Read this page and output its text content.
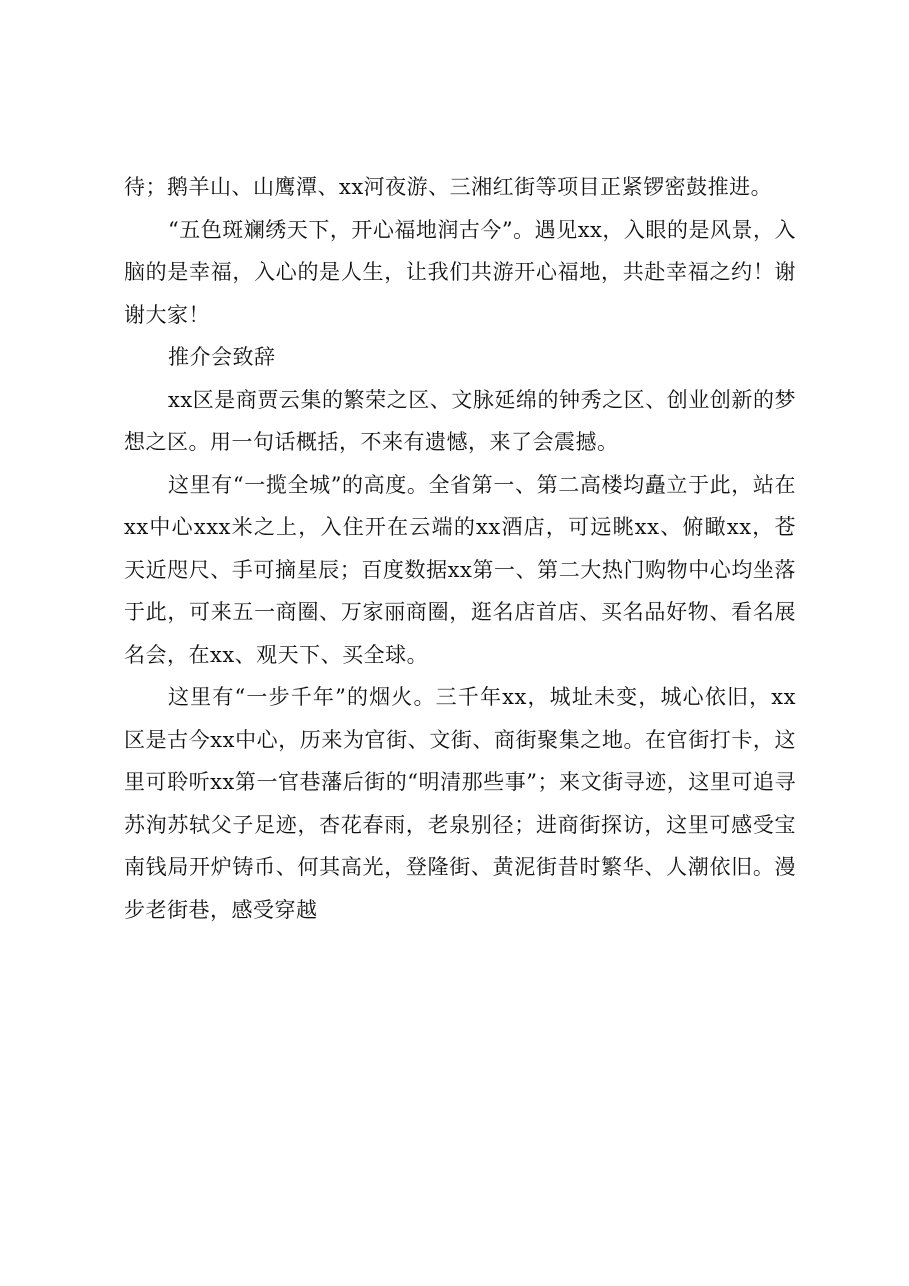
待；鹅羊山、山鹰潭、xx河夜游、三湘红街等项目正紧锣密鼓推进。

“五色斑斓绣天下，开心福地润古今”。遇见xx，入眼的是风景，入脑的是幸福，入心的是人生，让我们共游开心福地，共赴幸福之约！谢谢大家！

推介会致辞

xx区是商贾云集的繁荣之区、文脉延绵的钟秀之区、创业创新的梦想之区。用一句话概括，不来有遗憾，来了会震撼。

这里有“一揽全城”的高度。全省第一、第二高楼均矗立于此，站在xx中心xxx米之上，入住开在云端的xx酒店，可远眺xx、俯瞰xx，苍天近咫尺、手可摘星辰；百度数据xx第一、第二大热门购物中心均坐落于此，可来五一商圈、万家丽商圈，逛名店首店、买名品好物、看名展名会，在xx、观天下、买全球。

这里有“一步千年”的烟火。三千年xx，城址未变，城心依旧，xx区是古今xx中心，历来为官街、文街、商街聚集之地。在官街打卡，这里可聆听xx第一官巷藩后街的“明清那些事”；来文街寻迹，这里可追寻苏洵苏轼父子足迹，杏花春雨，老泉别径；进商街探访，这里可感受宝南钱局开炉铸币、何其高光，登隆街、黄泥街昔时繁华、人潮依旧。漫步老街巷，感受穿越
